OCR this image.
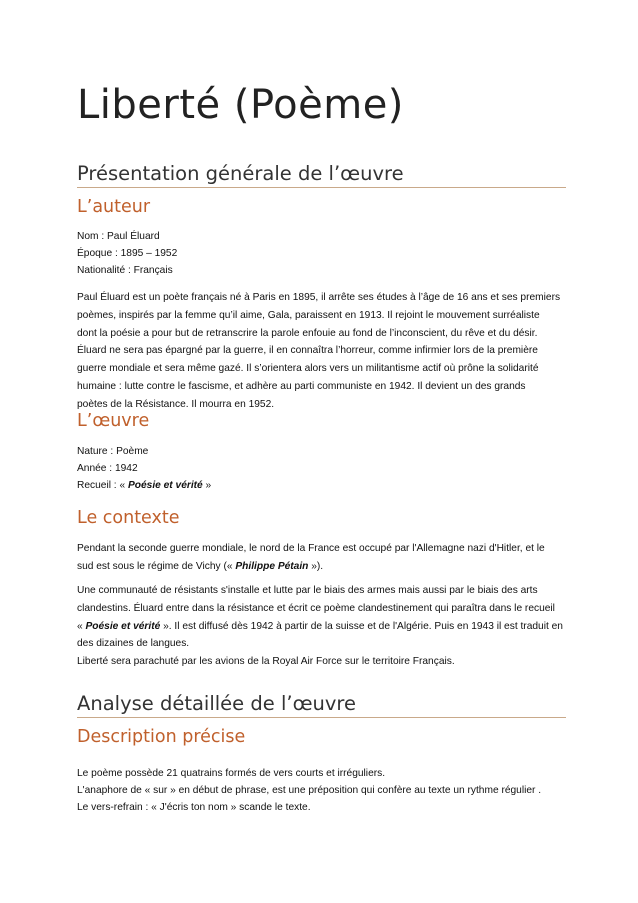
Liberté (Poème)
Présentation générale de l’œuvre
L’auteur
Nom : Paul Éluard
Époque : 1895 – 1952
Nationalité : Français
Paul Éluard est un poète français né à Paris en 1895, il arrête ses études à l’âge de 16 ans et ses premiers
poèmes, inspirés par la femme qu’il aime, Gala, paraissent en 1913. Il rejoint le mouvement surréaliste
dont la poésie a pour but de retranscrire la parole enfouie au fond de l’inconscient, du rêve et du désir.
Éluard ne sera pas épargné par la guerre, il en connaîtra l’horreur, comme infirmier lors de la première
guerre mondiale et sera même gazé. Il s’orientera alors vers un militantisme actif où prône la solidarité
humaine : lutte contre le fascisme, et adhère au parti communiste en 1942. Il devient un des grands
poètes de la Résistance. Il mourra en 1952.
L’œuvre
Nature : Poème
Année : 1942
Recueil : « Poésie et vérité »
Le contexte
Pendant la seconde guerre mondiale, le nord de la France est occupé par l'Allemagne nazi d'Hitler, et le
sud est sous le régime de Vichy (« Philippe Pétain »).
Une communauté de résistants s'installe et lutte par le biais des armes mais aussi par le biais des arts
clandestins. Éluard entre dans la résistance et écrit ce poème clandestinement qui paraîtra dans le recueil
« Poésie et vérité ». Il est diffusé dès 1942 à partir de la suisse et de l'Algérie. Puis en 1943 il est traduit en
des dizaines de langues.
Liberté sera parachuté par les avions de la Royal Air Force sur le territoire Français.
Analyse détaillée de l’œuvre
Description précise
Le poème possède 21 quatrains formés de vers courts et irréguliers.
L'anaphore de « sur » en début de phrase, est une préposition qui confère au texte un rythme régulier .
Le vers-refrain : « J'écris ton nom » scande le texte.
